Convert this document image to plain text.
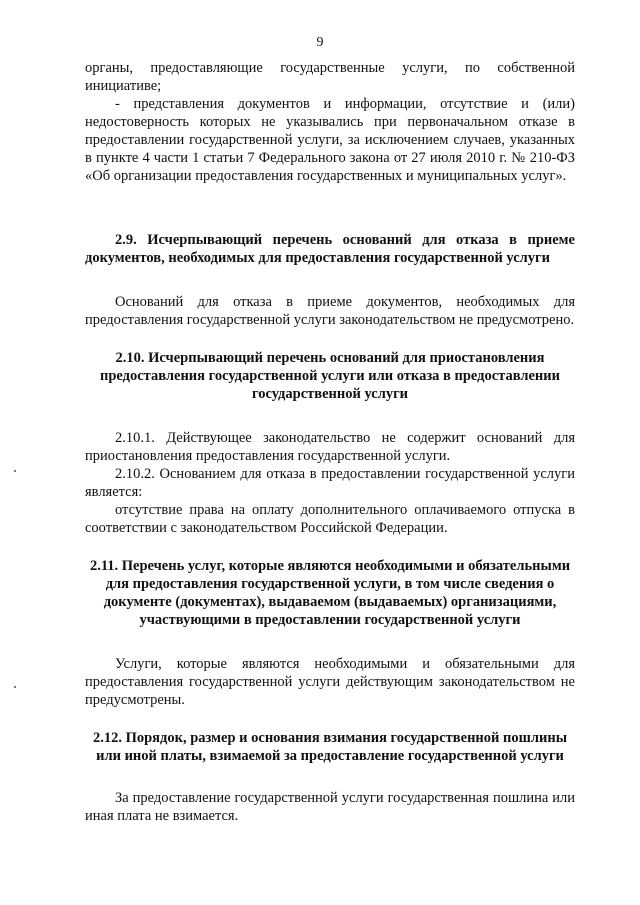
9

органы, предоставляющие государственные услуги, по собственной инициативе;

- представления документов и информации, отсутствие и (или) недостоверность которых не указывались при первоначальном отказе в предоставлении государственной услуги, за исключением случаев, указанных в пункте 4 части 1 статьи 7 Федерального закона от 27 июля 2010 г. № 210-ФЗ «Об организации предоставления государственных и муниципальных услуг».

2.9. Исчерпывающий перечень оснований для отказа в приеме документов, необходимых для предоставления государственной услуги

Оснований для отказа в приеме документов, необходимых для предоставления государственной услуги законодательством не предусмотрено.

2.10. Исчерпывающий перечень оснований для приостановления предоставления государственной услуги или отказа в предоставлении государственной услуги

2.10.1. Действующее законодательство не содержит оснований для приостановления предоставления государственной услуги.

2.10.2. Основанием для отказа в предоставлении государственной услуги является:

отсутствие права на оплату дополнительного оплачиваемого отпуска в соответствии с законодательством Российской Федерации.

2.11. Перечень услуг, которые являются необходимыми и обязательными для предоставления государственной услуги, в том числе сведения о документе (документах), выдаваемом (выдаваемых) организациями, участвующими в предоставлении государственной услуги

Услуги, которые являются необходимыми и обязательными для предоставления государственной услуги действующим законодательством не предусмотрены.

2.12. Порядок, размер и основания взимания государственной пошлины или иной платы, взимаемой за предоставление государственной услуги

За предоставление государственной услуги государственная пошлина или иная плата не взимается.
